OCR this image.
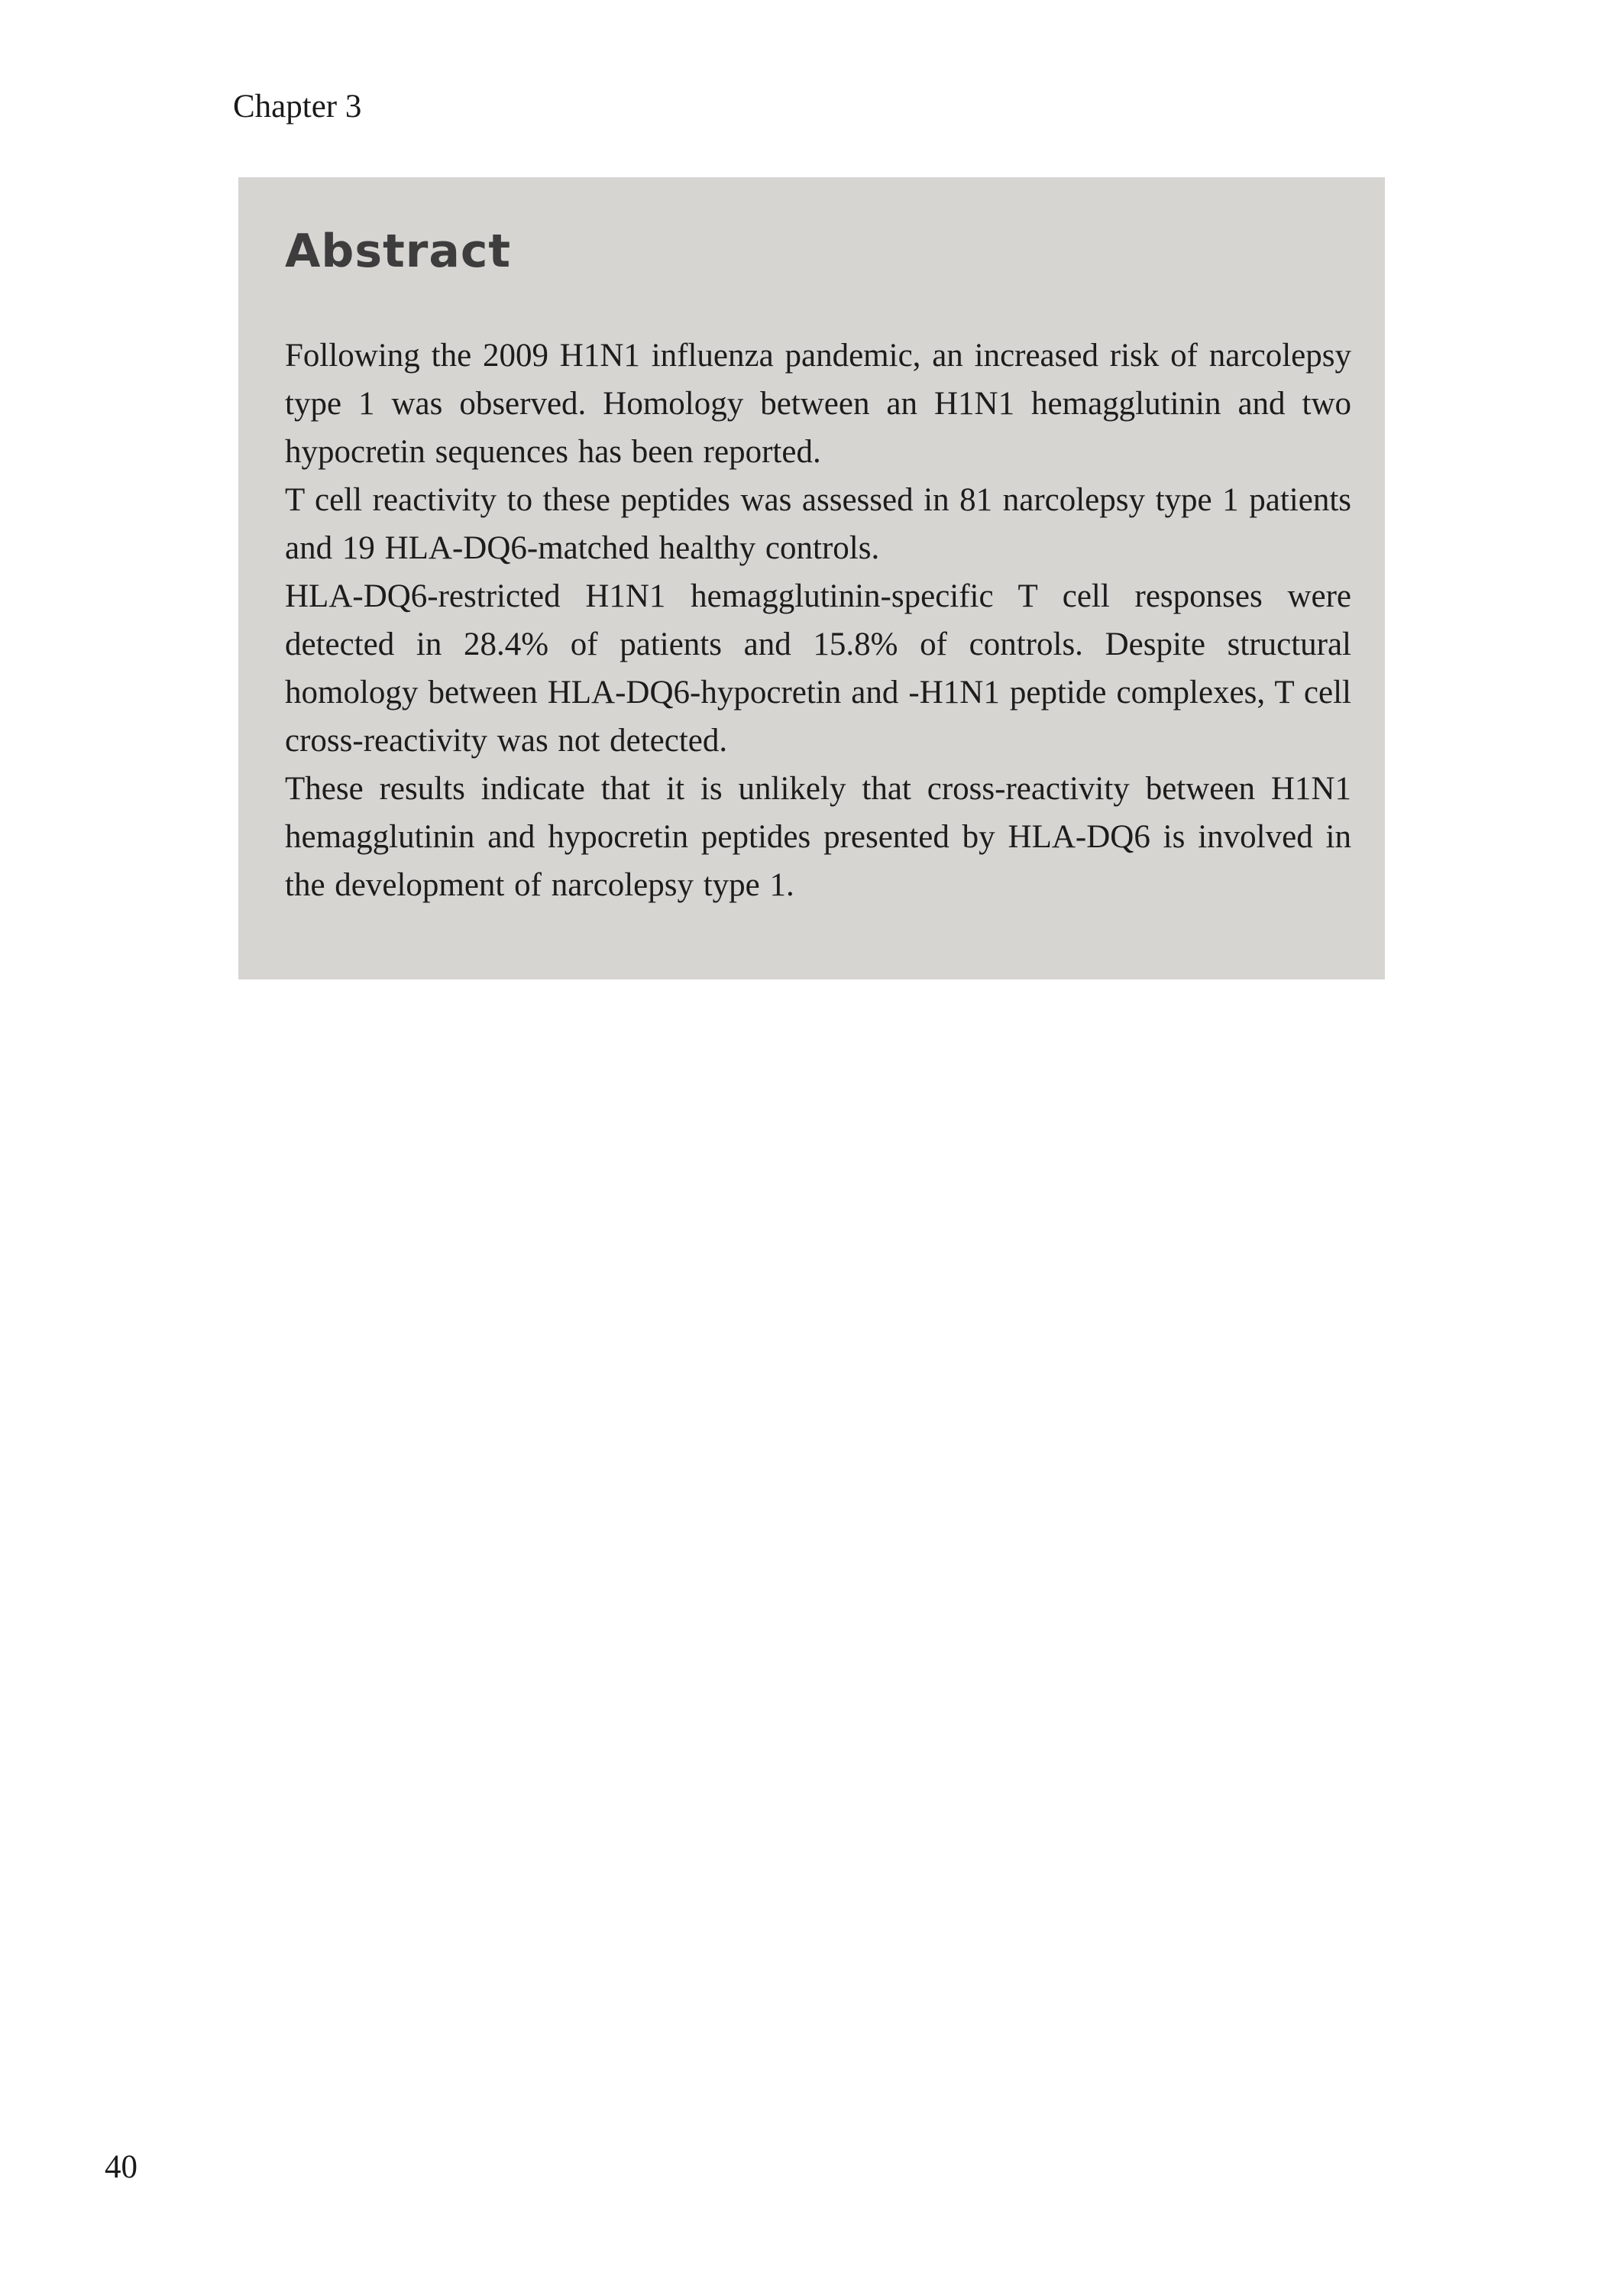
Chapter 3
Abstract

Following the 2009 H1N1 influenza pandemic, an increased risk of narcolepsy type 1 was observed. Homology between an H1N1 hemagglutinin and two hypocretin sequences has been reported.

T cell reactivity to these peptides was assessed in 81 narcolepsy type 1 patients and 19 HLA-DQ6-matched healthy controls.

HLA-DQ6-restricted H1N1 hemagglutinin-specific T cell responses were detected in 28.4% of patients and 15.8% of controls. Despite structural homology between HLA-DQ6-hypocretin and -H1N1 peptide complexes, T cell cross-reactivity was not detected.

These results indicate that it is unlikely that cross-reactivity between H1N1 hemagglutinin and hypocretin peptides presented by HLA-DQ6 is involved in the development of narcolepsy type 1.

40
